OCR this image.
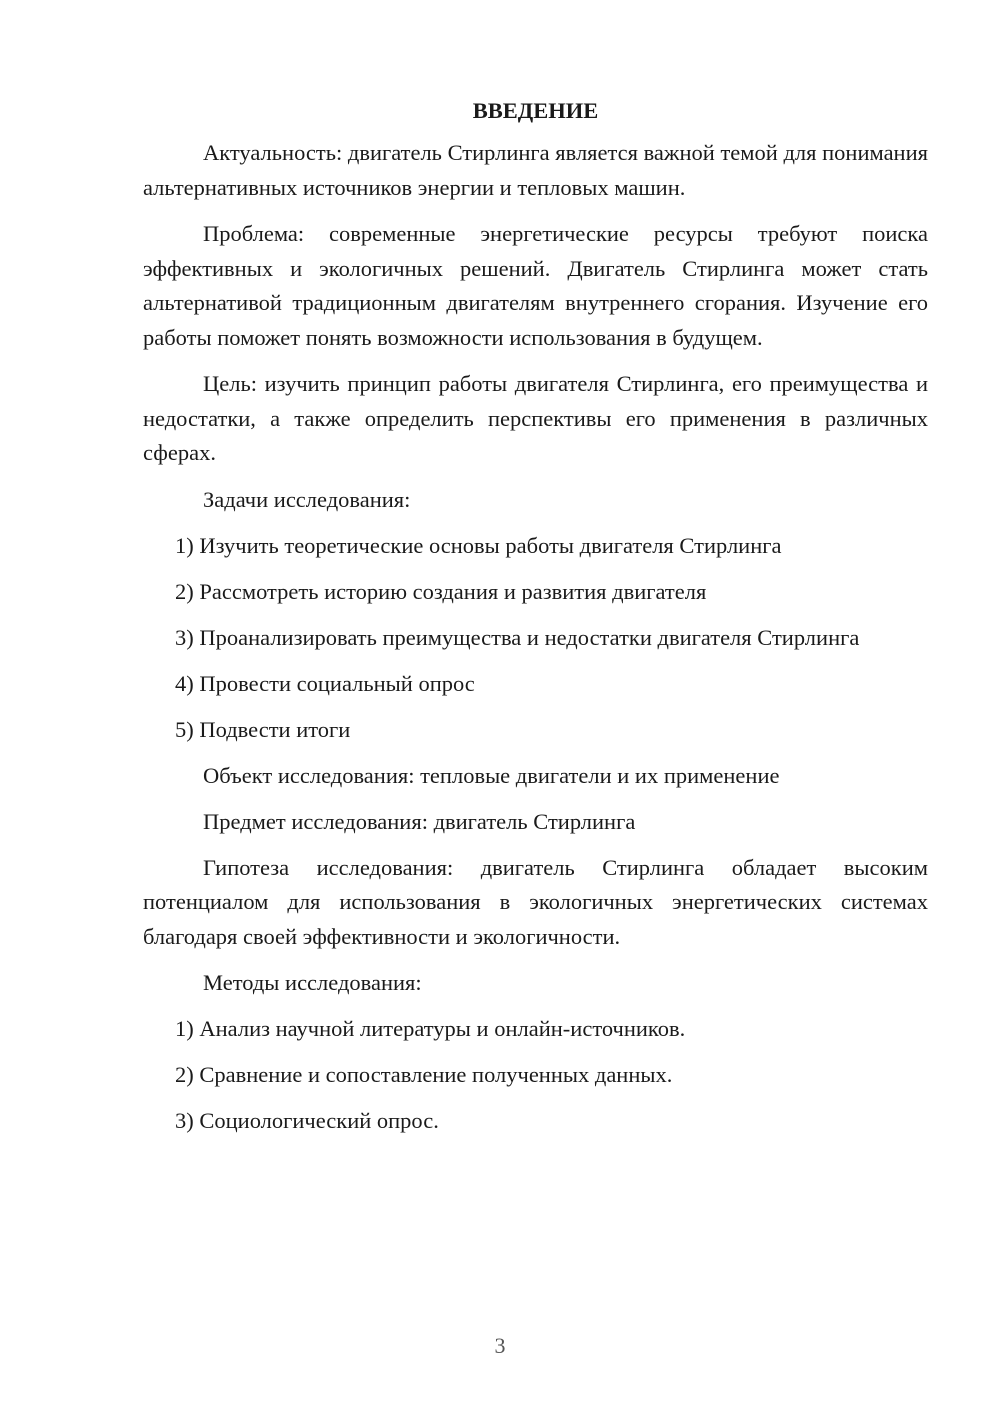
ВВЕДЕНИЕ

Актуальность: двигатель Стирлинга является важной темой для понимания альтернативных источников энергии и тепловых машин.

Проблема: современные энергетические ресурсы требуют поиска эффективных и экологичных решений. Двигатель Стирлинга может стать альтернативой традиционным двигателям внутреннего сгорания. Изучение его работы поможет понять возможности использования в будущем.

Цель: изучить принцип работы двигателя Стирлинга, его преимущества и недостатки, а также определить перспективы его применения в различных сферах.

Задачи исследования:
1) Изучить теоретические основы работы двигателя Стирлинга
2) Рассмотреть историю создания и развития двигателя
3) Проанализировать преимущества и недостатки двигателя Стирлинга
4) Провести социальный опрос
5) Подвести итоги
Объект исследования: тепловые двигатели и их применение
Предмет исследования: двигатель Стирлинга

Гипотеза исследования: двигатель Стирлинга обладает высоким потенциалом для использования в экологичных энергетических системах благодаря своей эффективности и экологичности.

Методы исследования:
1) Анализ научной литературы и онлайн-источников.
2) Сравнение и сопоставление полученных данных.
3) Социологический опрос.
3
